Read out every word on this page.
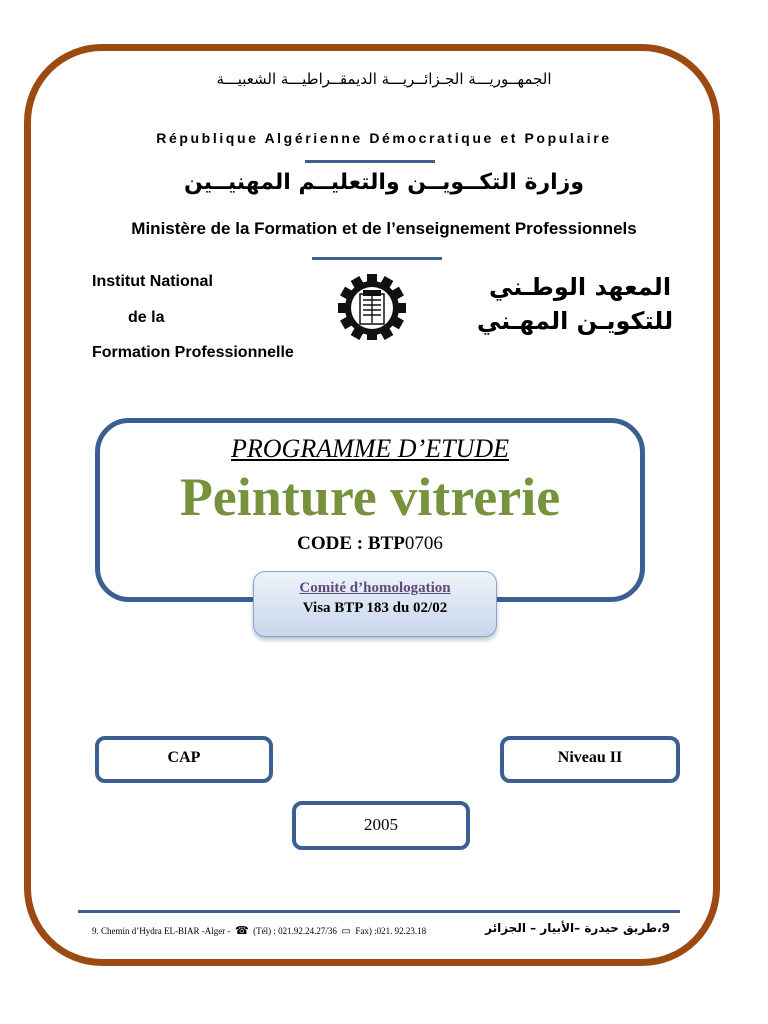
الجمهــوريـــة الجـزائــريـــة الديمقــراطيـــة الشعبيـــة
République Algérienne Démocratique et Populaire
وزارة التكــويــن والتعليــم المهنيــين
Ministère de la Formation et de l’enseignement Professionnels
Institut National
de la
Formation Professionnelle
المعهد الوطـني
للتكويـن المهـني
PROGRAMME D’ETUDE
Peinture vitrerie
CODE : BTP0706
Comité d’homologation
Visa BTP 183 du 02/02
CAP	Niveau II
2005
9. Chemin d’Hydra EL-BIAR -Alger - ☎ (Tél) : 021.92.24.27/36 ▭ Fax) :021. 92.23.18	9،طريق حيدرة –الأبيار – الجزائر
